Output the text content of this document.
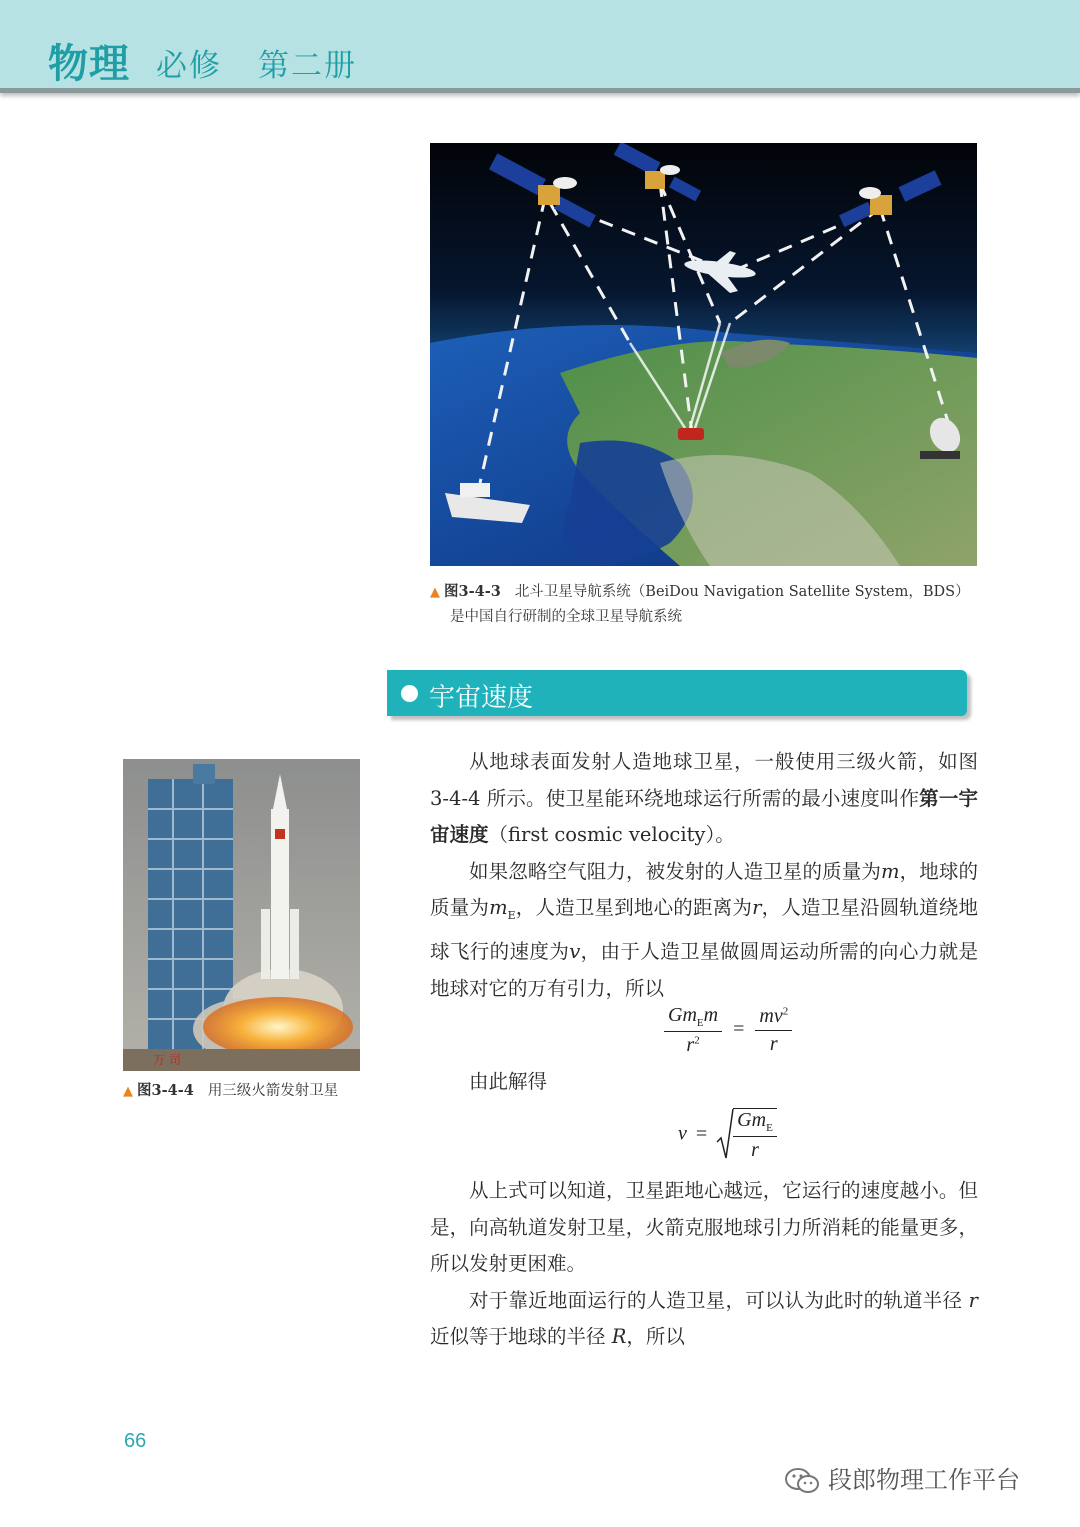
物理 必修 第二册
▲ 图3-4-3 北斗卫星导航系统（BeiDou Navigation Satellite System，BDS）
是中国自行研制的全球卫星导航系统
宇宙速度
万 司
▲ 图3-4-4 用三级火箭发射卫星

从地球表面发射人造地球卫星，一般使用三级火箭，如图 3-4-4 所示。使卫星能环绕地球运行所需的最小速度叫作第一宇宙速度（first cosmic velocity）。

如果忽略空气阻力，被发射的人造卫星的质量为m，地球的质量为$m_E$，人造卫星到地心的距离为r，人造卫星沿圆轨道绕地球飞行的速度为v，由于人造卫星做圆周运动所需的向心力就是地球对它的万有引力，所以

$\frac{Gm_Em}{r^2} = \frac{mv^2}{r}$

由此解得

$v = \frac{Gm_E}{r}$

从上式可以知道，卫星距地心越远，它运行的速度越小。但是，向高轨道发射卫星，火箭克服地球引力所消耗的能量更多，所以发射更困难。

对于靠近地面运行的人造卫星，可以认为此时的轨道半径 r 近似等于地球的半径 R，所以

66
段郎物理工作平台
